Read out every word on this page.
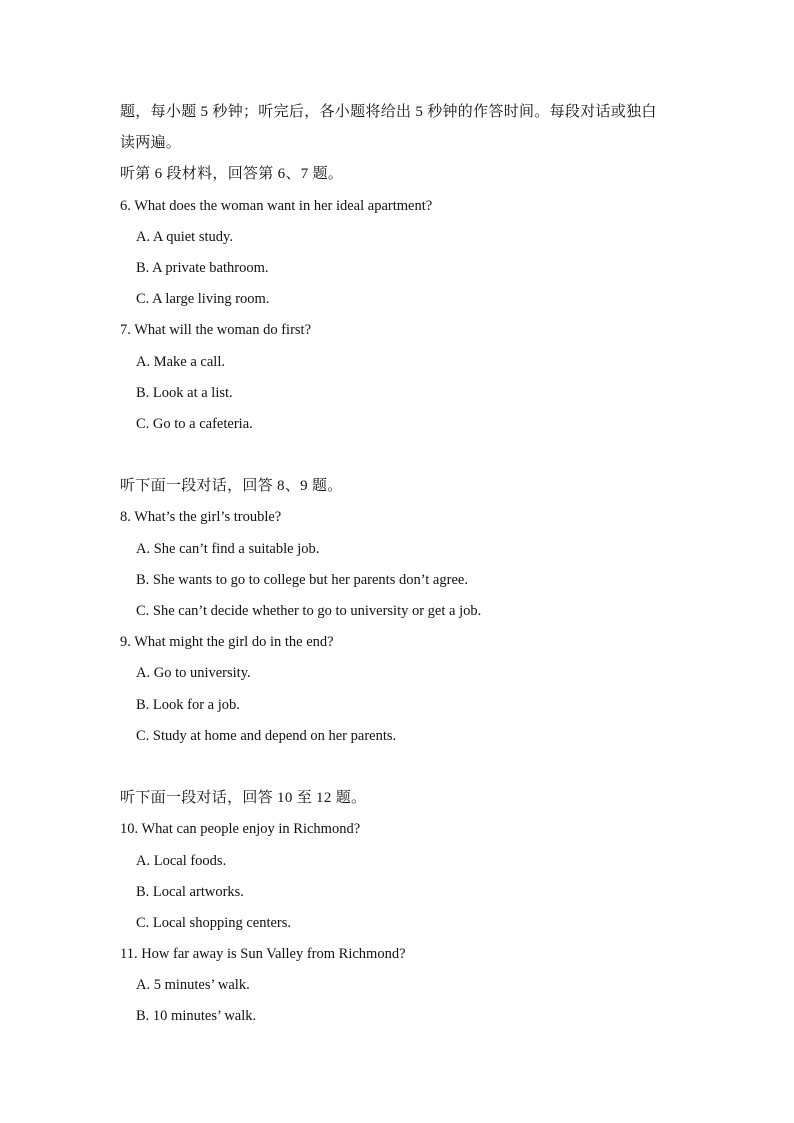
题，每小题 5 秒钟；听完后，各小题将给出 5 秒钟的作答时间。每段对话或独白
读两遍。
听第 6 段材料，回答第 6、7 题。
6. What does the woman want in her ideal apartment?
A. A quiet study.
B. A private bathroom.
C. A large living room.
7. What will the woman do first?
A. Make a call.
B. Look at a list.
C. Go to a cafeteria.
听下面一段对话，回答 8、9 题。
8. What’s the girl’s trouble?
A. She can’t find a suitable job.
B. She wants to go to college but her parents don’t agree.
C. She can’t decide whether to go to university or get a job.
9. What might the girl do in the end?
A. Go to university.
B. Look for a job.
C. Study at home and depend on her parents.
听下面一段对话，回答 10 至 12 题。
10. What can people enjoy in Richmond?
A. Local foods.
B. Local artworks.
C. Local shopping centers.
11. How far away is Sun Valley from Richmond?
A. 5 minutes’ walk.
B. 10 minutes’ walk.
